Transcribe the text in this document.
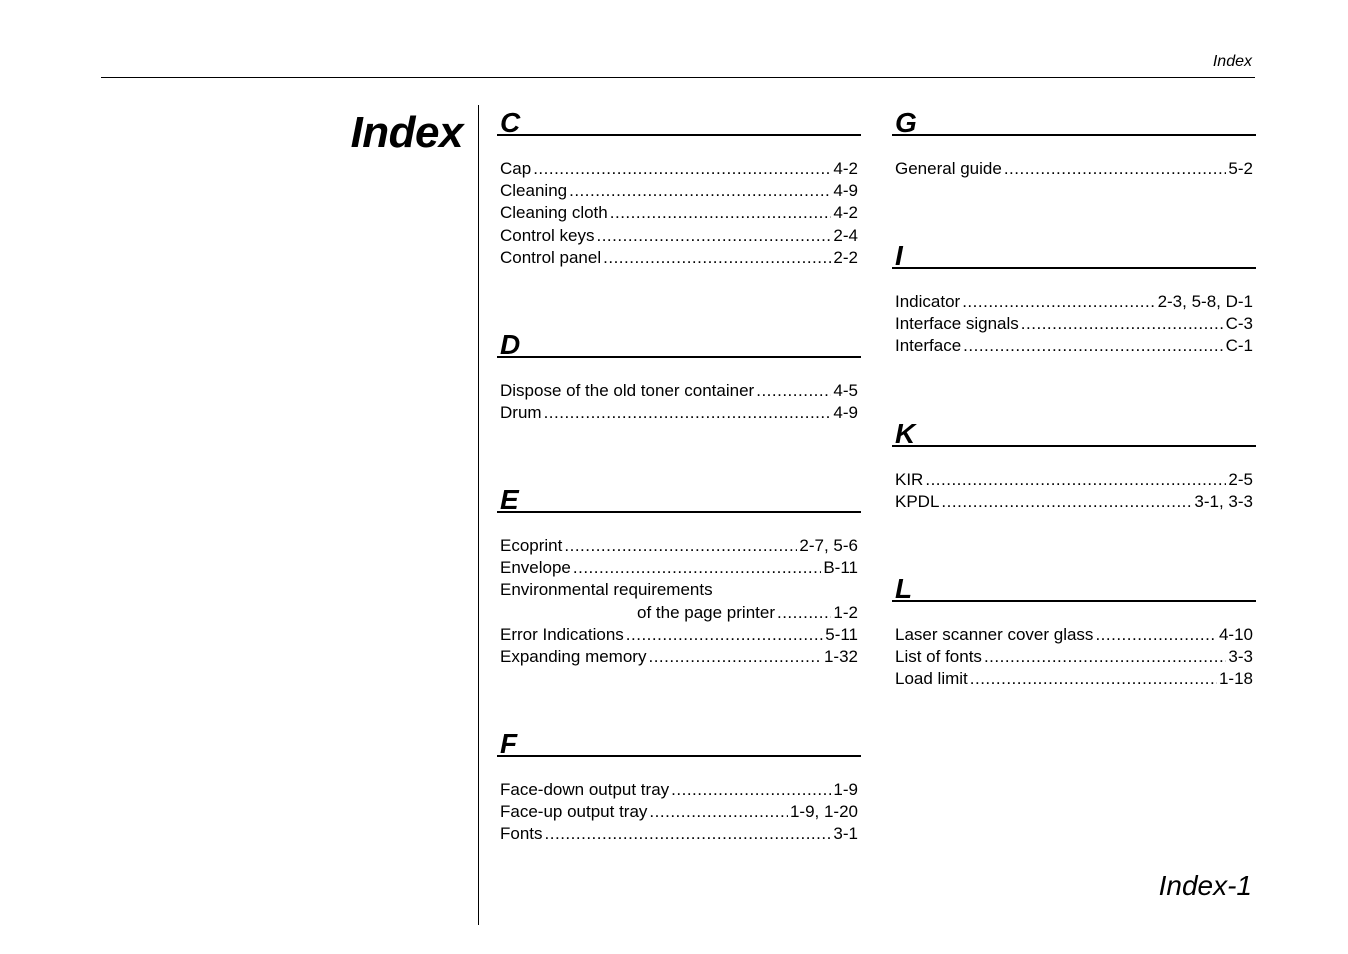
Index
Index C
Cap .....	4-2
Cleaning .....	4-9
Cleaning cloth .....	4-2
Control keys .....	2-4
Control panel .....	2-2
D
Dispose of the old toner container .....	4-5
Drum .....	4-9
E
Ecoprint .....	2-7, 5-6
Envelope .....	B-11
Environmental requirements
of the page printer .....	1-2
Error Indications .....	5-11
Expanding memory .....	1-32
F
Face-down output tray .....	1-9
Face-up output tray .....	1-9, 1-20
Fonts .....	3-1
G
General guide .....	5-2
I
Indicator .....	2-3, 5-8, D-1
Interface signals .....	C-3
Interface .....	C-1
K
KIR .....	2-5
KPDL .....	3-1, 3-3
L
Laser scanner cover glass .....	4-10
List of fonts .....	3-3
Load limit .....	1-18
Index-1
